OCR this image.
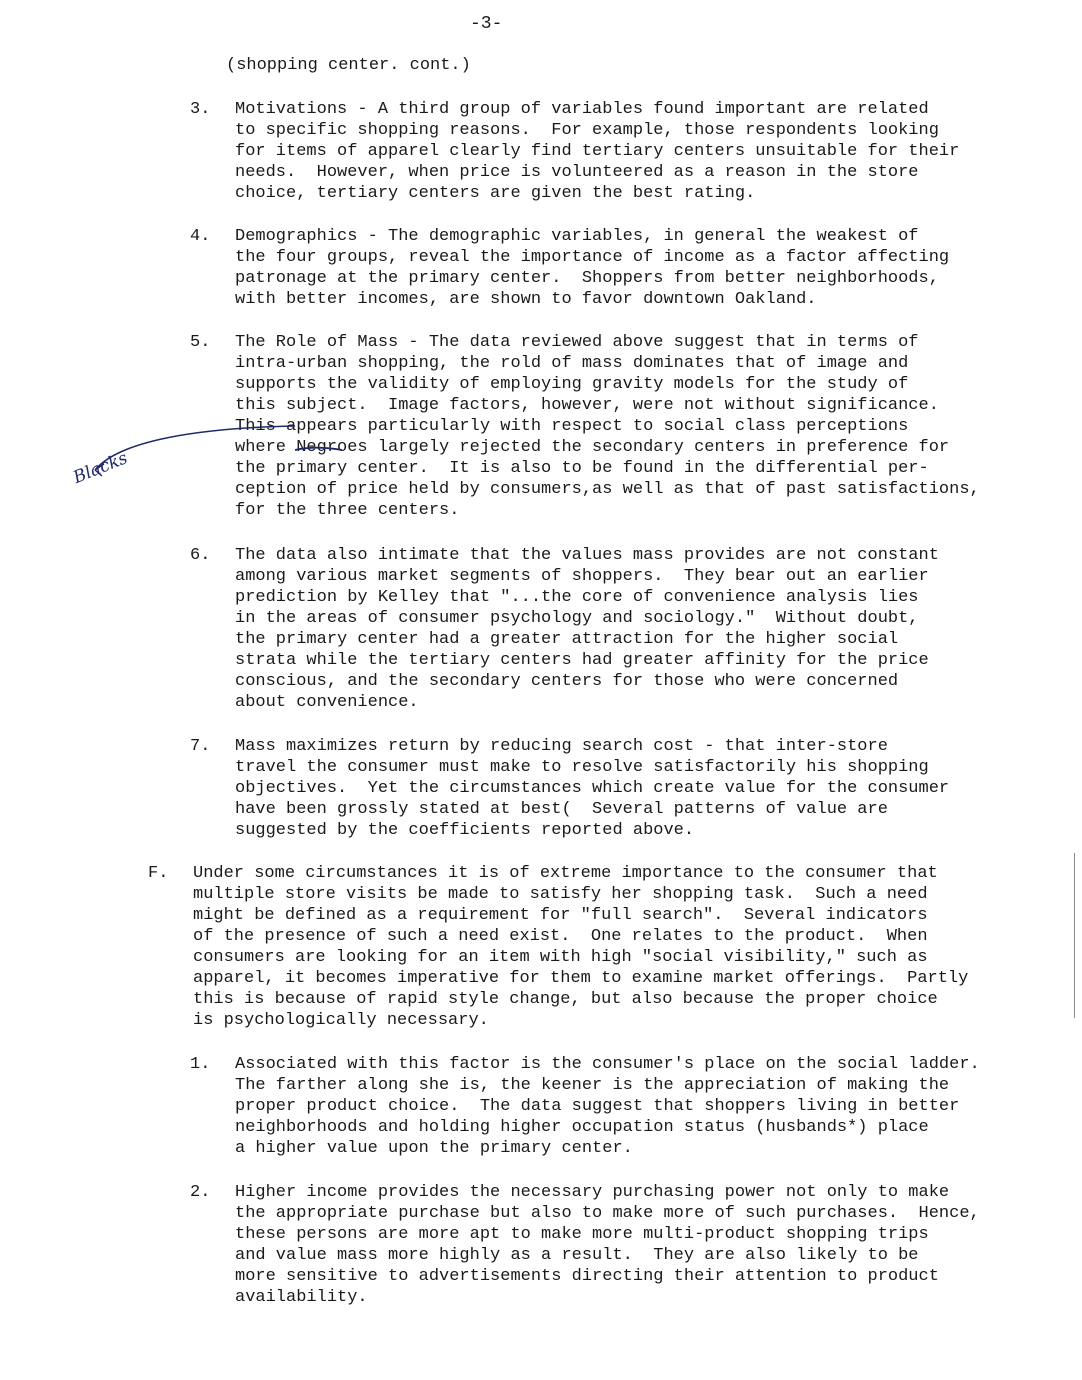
-3-
(shopping center. cont.)
3. Motivations - A third group of variables found important are related
to specific shopping reasons.  For example, those respondents looking
for items of apparel clearly find tertiary centers unsuitable for their
needs.  However, when price is volunteered as a reason in the store
choice, tertiary centers are given the best rating.
4. Demographics - The demographic variables, in general the weakest of
the four groups, reveal the importance of income as a factor affecting
patronage at the primary center.  Shoppers from better neighborhoods,
with better incomes, are shown to favor downtown Oakland.
5. The Role of Mass - The data reviewed above suggest that in terms of
intra-urban shopping, the rold of mass dominates that of image and
supports the validity of employing gravity models for the study of
this subject.  Image factors, however, were not without significance.
This appears particularly with respect to social class perceptions
where Negroes largely rejected the secondary centers in preference for
the primary center.  It is also to be found in the differential per-
ception of price held by consumers,as well as that of past satisfactions,
for the three centers.
Blacks
6. The data also intimate that the values mass provides are not constant
among various market segments of shoppers.  They bear out an earlier
prediction by Kelley that "...the core of convenience analysis lies
in the areas of consumer psychology and sociology."  Without doubt,
the primary center had a greater attraction for the higher social
strata while the tertiary centers had greater affinity for the price
conscious, and the secondary centers for those who were concerned
about convenience.
7. Mass maximizes return by reducing search cost - that inter-store
travel the consumer must make to resolve satisfactorily his shopping
objectives.  Yet the circumstances which create value for the consumer
have been grossly stated at best(  Several patterns of value are
suggested by the coefficients reported above.
F. Under some circumstances it is of extreme importance to the consumer that
multiple store visits be made to satisfy her shopping task.  Such a need
might be defined as a requirement for "full search".  Several indicators
of the presence of such a need exist.  One relates to the product.  When
consumers are looking for an item with high "social visibility," such as
apparel, it becomes imperative for them to examine market offerings.  Partly
this is because of rapid style change, but also because the proper choice
is psychologically necessary.
1. Associated with this factor is the consumer's place on the social ladder.
The farther along she is, the keener is the appreciation of making the
proper product choice.  The data suggest that shoppers living in better
neighborhoods and holding higher occupation status (husbands*) place
a higher value upon the primary center.
2. Higher income provides the necessary purchasing power not only to make
the appropriate purchase but also to make more of such purchases.  Hence,
these persons are more apt to make more multi-product shopping trips
and value mass more highly as a result.  They are also likely to be
more sensitive to advertisements directing their attention to product
availability.
